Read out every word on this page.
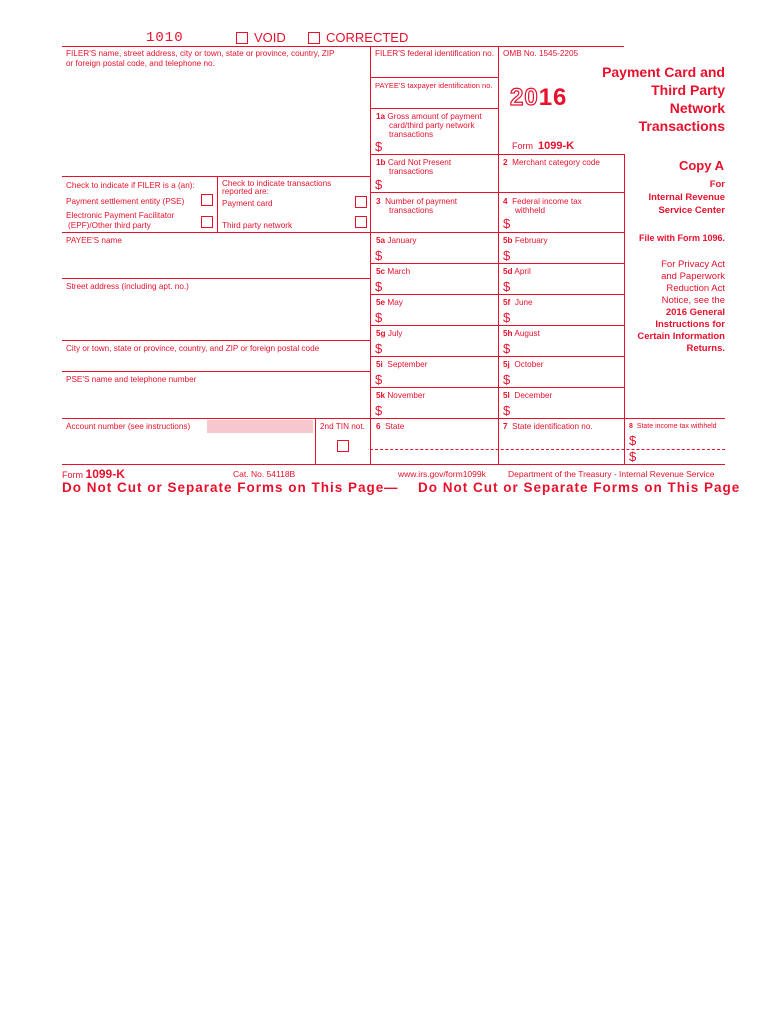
1010	VOID	CORRECTED
FILER'S name, street address, city or town, state or province, country, ZIP
or foreign postal code, and telephone no.
FILER'S federal identification no.
PAYEE'S taxpayer identification no.
OMB No. 1545-2205
2016
Form 1099-K
Payment Card and
Third Party
Network
Transactions
1a Gross amount of payment
card/third party network
transactions
$
1b Card Not Present
transactions
$
2 Merchant category code
3 Number of payment
transactions
4 Federal income tax
withheld
$
5a January
$
5b February
$
5c March
$
5d April
$
5e May
$
5f June
$
5g July
$
5h August
$
5i September
$
5j October
$
5k November
$
5l December
$
6 State	7 State identification no.	8 State income tax withheld
$
$
Check to indicate if FILER is a (an):
Payment settlement entity (PSE)
Electronic Payment Facilitator
(EPF)/Other third party
Check to indicate transactions
reported are:
Payment card
Third party network
PAYEE'S name
Street address (including apt. no.)
City or town, state or province, country, and ZIP or foreign postal code
PSE'S name and telephone number
Account number (see instructions)	2nd TIN not.
Copy A
For
Internal Revenue
Service Center
File with Form 1096.
For Privacy Act
and Paperwork
Reduction Act
Notice, see the
2016 General
Instructions for
Certain Information
Returns.
Form 1099-K	Cat. No. 54118B	www.irs.gov/form1099k	Department of the Treasury - Internal Revenue Service
Do Not Cut or Separate Forms on This Page — Do Not Cut or Separate Forms on This Page
